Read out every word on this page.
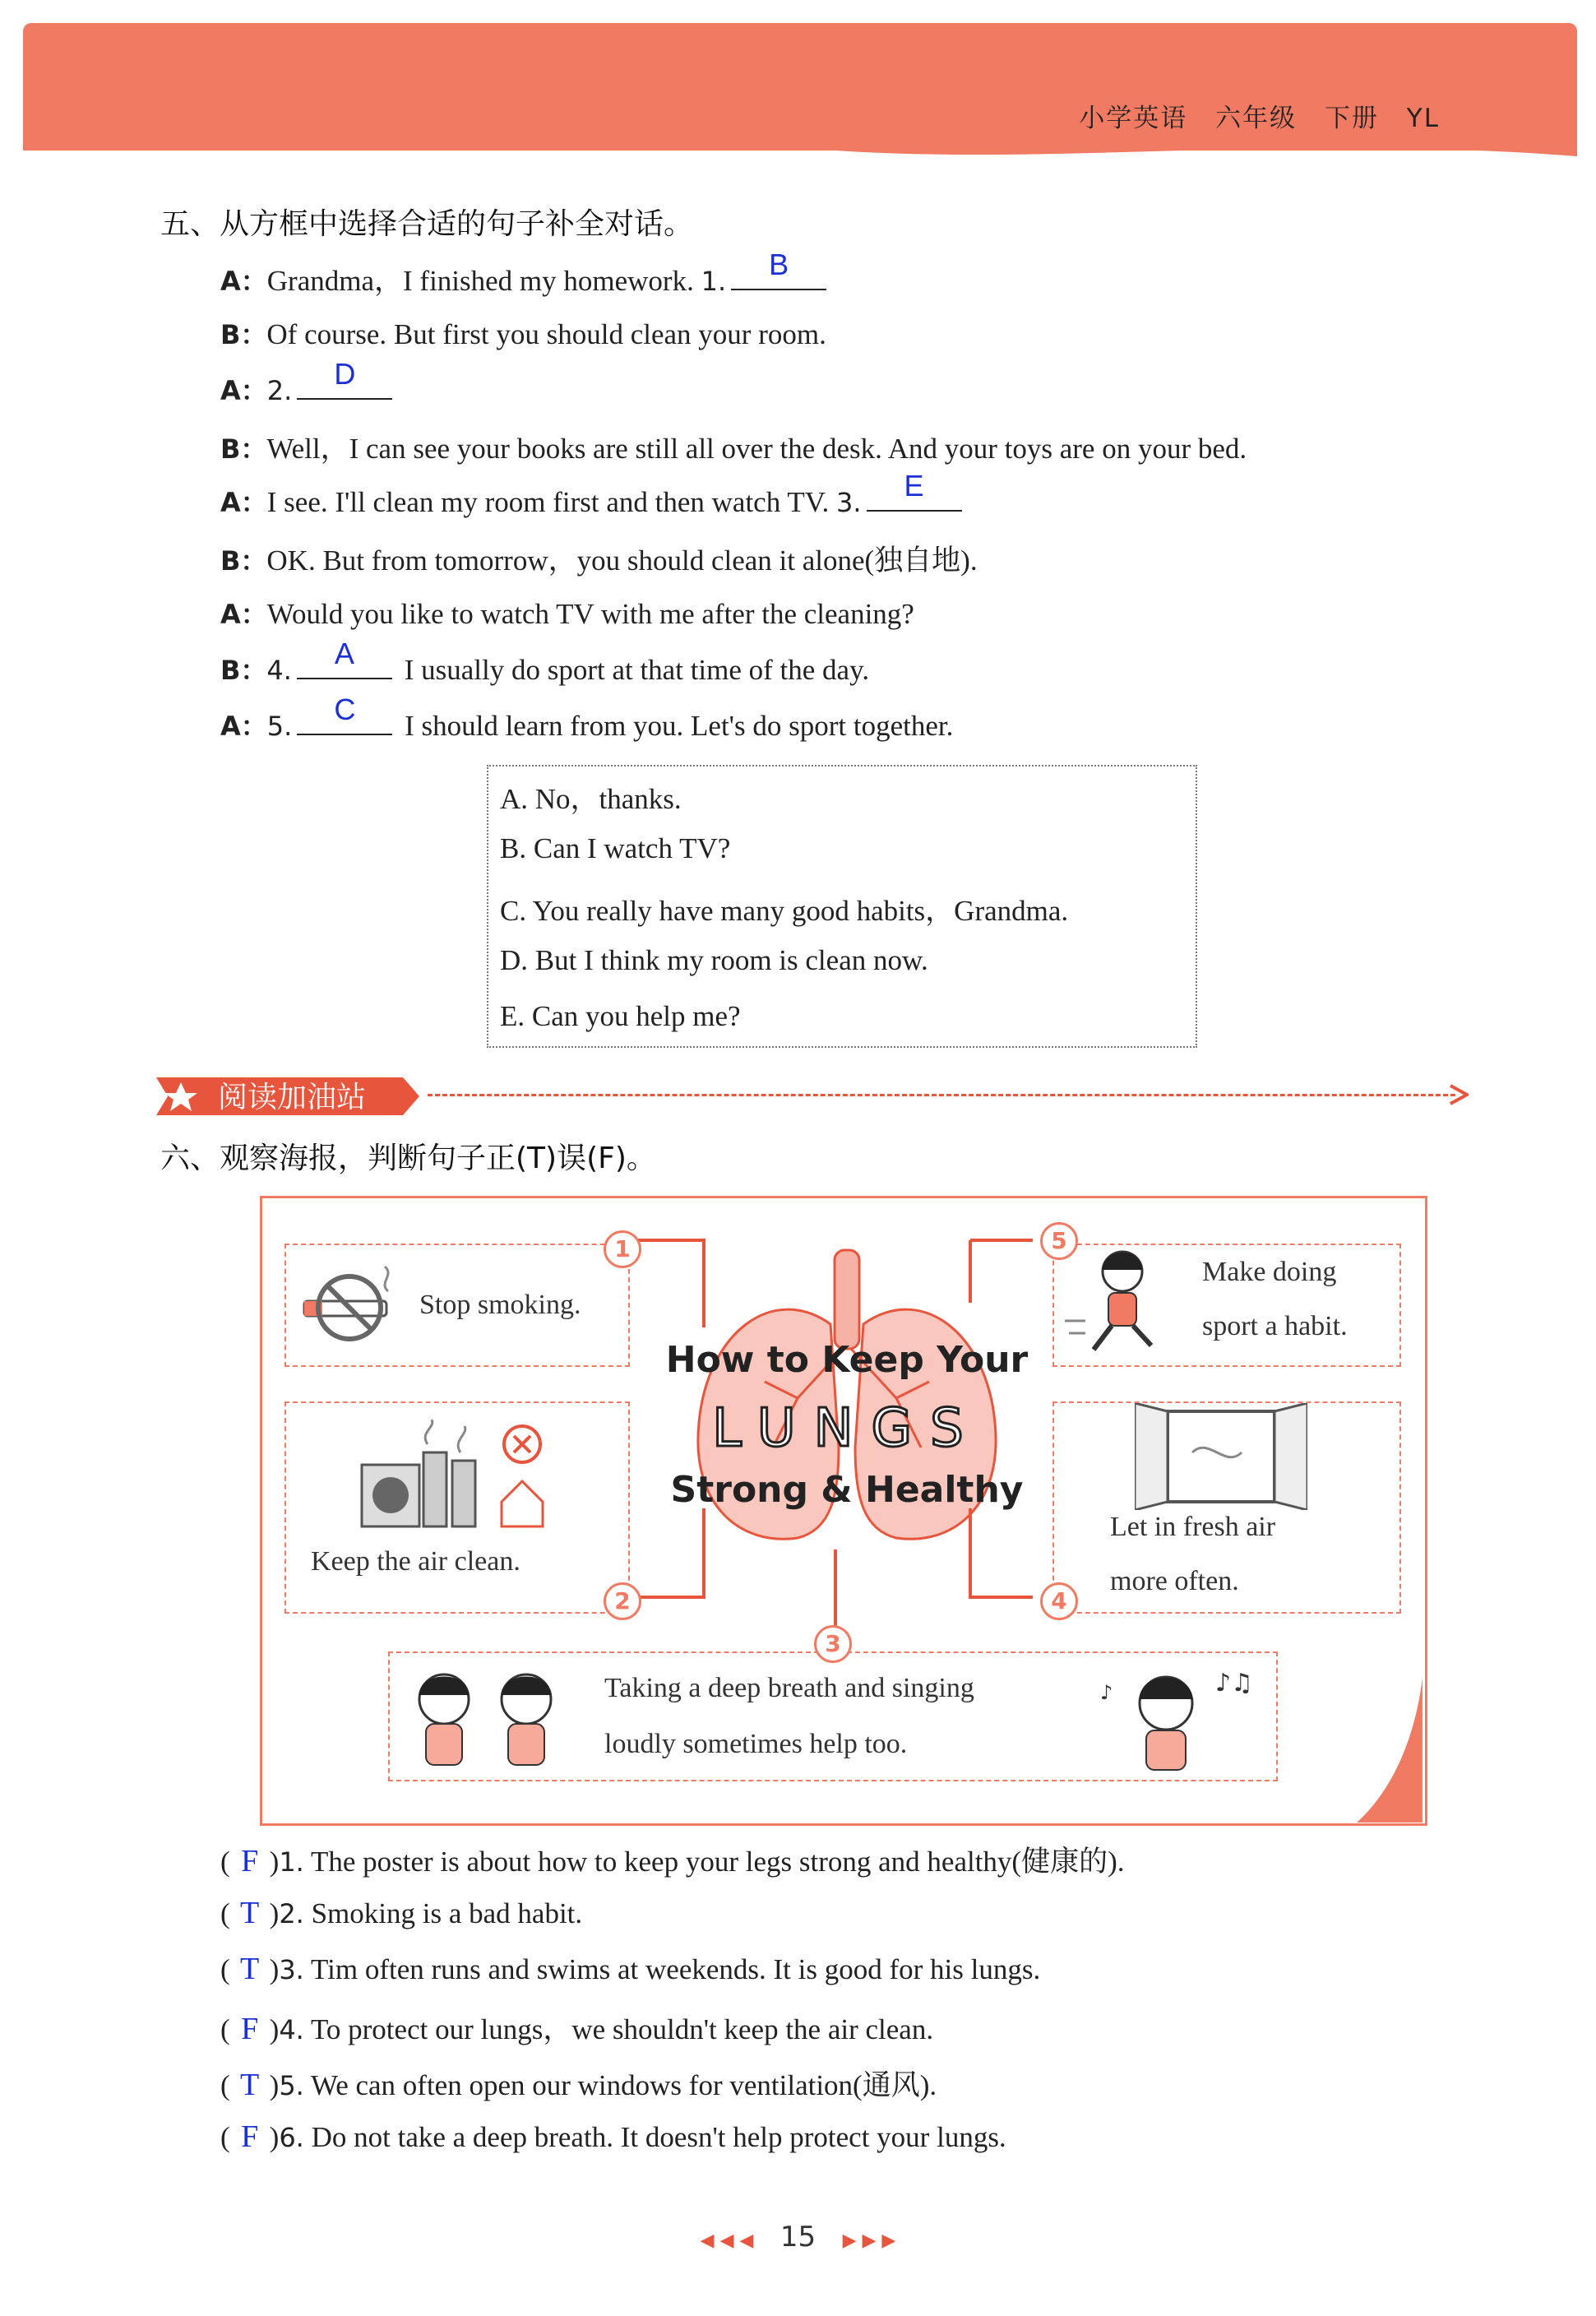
小学英语 六年级 下册 YL
五、从方框中选择合适的句子补全对话。
A：Grandma，I finished my homework. 1.	B
B：Of course. But first you should clean your room.
A：2.	D
B：Well，I can see your books are still all over the desk. And your toys are on your bed.
A：I see. I'll clean my room first and then watch TV. 3.	E
B：OK. But from tomorrow，you should clean it alone(独自地).
A：Would you like to watch TV with me after the cleaning?
B：4.	A	I usually do sport at that time of the day.
A：5.	C	I should learn from you. Let's do sport together.
A. No，thanks.
B. Can I watch TV?
C. You really have many good habits，Grandma.
D. But I think my room is clean now.
E. Can you help me?
阅读加油站
六、观察海报，判断句子正(T)误(F)。
How to Keep Your
LUNGS
Strong & Healthy
Stop smoking.
1
Keep the air clean.
2
Taking a deep breath and singing
loudly sometimes help too.
♪♫
♪
3
Let in fresh air
more often.
4
Make doing
sport a habit.
5
( F )1. The poster is about how to keep your legs strong and healthy(健康的).
( T )2. Smoking is a bad habit.
( T )3. Tim often runs and swims at weekends. It is good for his lungs.
( F )4. To protect our lungs，we shouldn't keep the air clean.
( T )5. We can often open our windows for ventilation(通风).
( F )6. Do not take a deep breath. It doesn't help protect your lungs.
◀ ◀ ◀ 15 ▶ ▶ ▶
